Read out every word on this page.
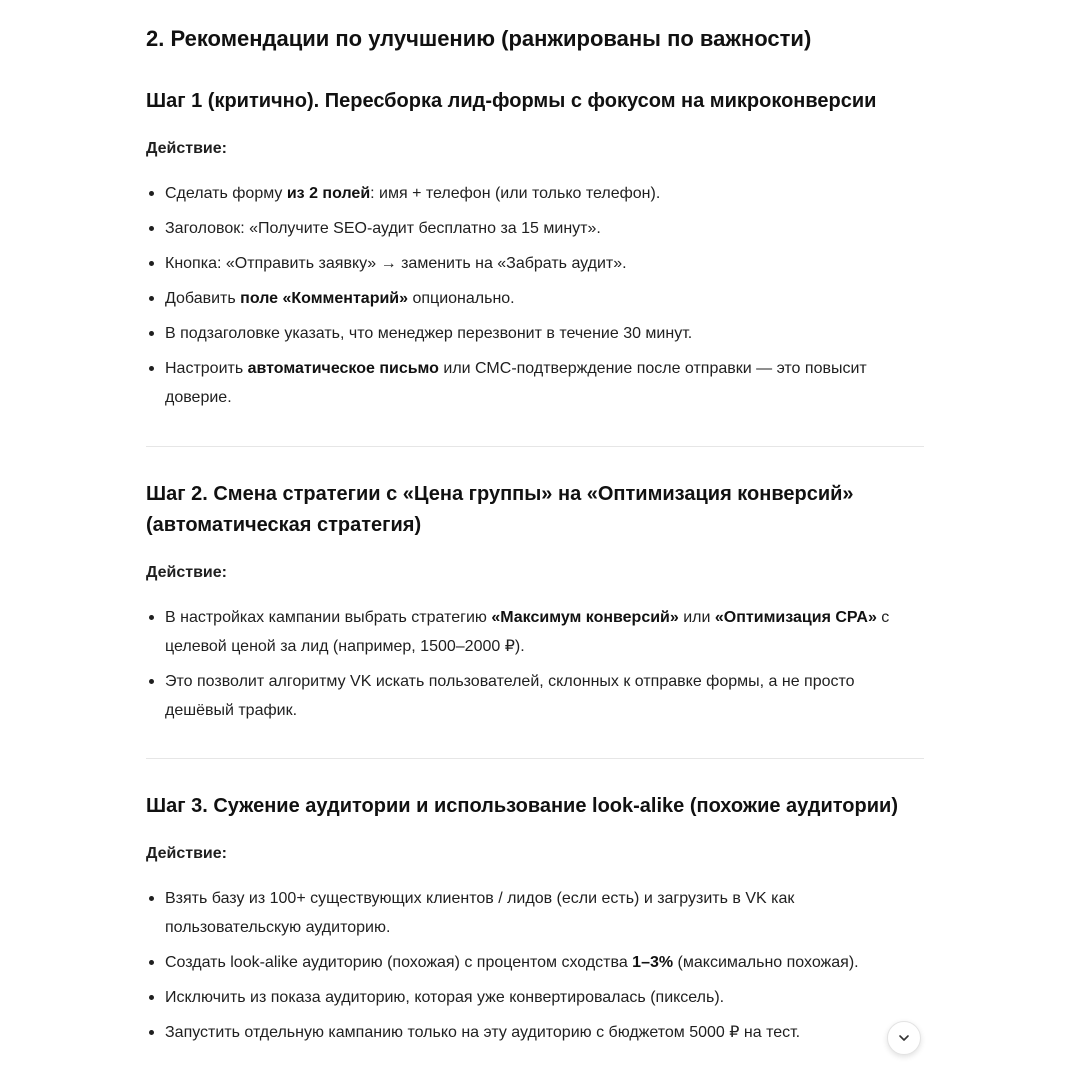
2. Рекомендации по улучшению (ранжированы по важности)
Шаг 1 (критично). Пересборка лид-формы с фокусом на микроконверсии
Действие:
Сделать форму из 2 полей: имя + телефон (или только телефон).
Заголовок: «Получите SEO-аудит бесплатно за 15 минут».
Кнопка: «Отправить заявку» → заменить на «Забрать аудит».
Добавить поле «Комментарий» опционально.
В подзаголовке указать, что менеджер перезвонит в течение 30 минут.
Настроить автоматическое письмо или СМС-подтверждение после отправки — это повысит доверие.
Шаг 2. Смена стратегии с «Цена группы» на «Оптимизация конверсий» (автоматическая стратегия)
Действие:
В настройках кампании выбрать стратегию «Максимум конверсий» или «Оптимизация CPA» с целевой ценой за лид (например, 1500–2000 ₽).
Это позволит алгоритму VK искать пользователей, склонных к отправке формы, а не просто дешёвый трафик.
Шаг 3. Сужение аудитории и использование look-alike (похожие аудитории)
Действие:
Взять базу из 100+ существующих клиентов / лидов (если есть) и загрузить в VK как пользовательскую аудиторию.
Создать look-alike аудиторию (похожая) с процентом сходства 1–3% (максимально похожая).
Исключить из показа аудиторию, которая уже конвертировалась (пиксель).
Запустить отдельную кампанию только на эту аудиторию с бюджетом 5000 ₽ на тест.
